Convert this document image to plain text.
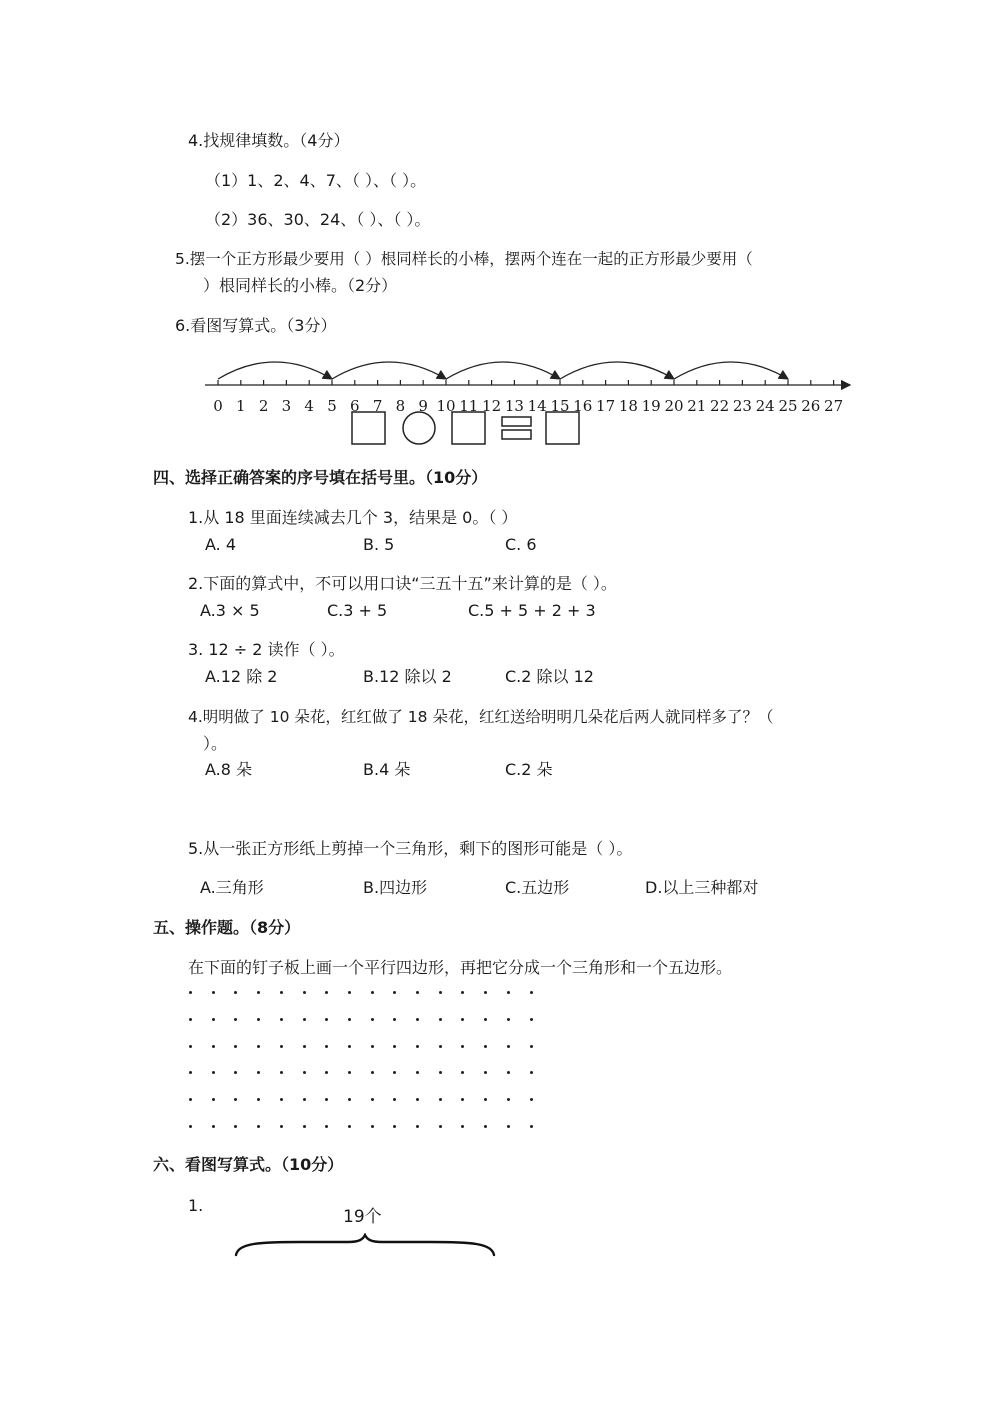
4.找规律填数。（4分）
（1）1、2、4、7、（ ）、（ ）。
（2）36、30、24、（ ）、（ ）。
5.摆一个正方形最少要用（ ）根同样长的小棒，摆两个连在一起的正方形最少要用（
）根同样长的小棒。（2分）
6.看图写算式。（3分）
0 1 2 3 4 5 6 7 8 9 10 11 12 13 14 15 16 17 18 19 20 21 22 23 24 25 26 27
四、选择正确答案的序号填在括号里。（10分）
1.从 18 里面连续减去几个 3，结果是 0。（ ）
A. 4	B. 5	C. 6
2.下面的算式中，不可以用口诀“三五十五”来计算的是（ ）。
A.3 × 5	C.3 + 5	C.5 + 5 + 2 + 3
3. 12 ÷ 2 读作（ ）。
A.12 除 2	B.12 除以 2	C.2 除以 12
4.明明做了 10 朵花，红红做了 18 朵花，红红送给明明几朵花后两人就同样多了？（
）。
A.8 朵	B.4 朵	C.2 朵
5.从一张正方形纸上剪掉一个三角形，剩下的图形可能是（ ）。
A.三角形	B.四边形	C.五边形	D.以上三种都对
五、操作题。（8分）
在下面的钉子板上画一个平行四边形，再把它分成一个三角形和一个五边形。
六、看图写算式。（10分）
1.
19个
